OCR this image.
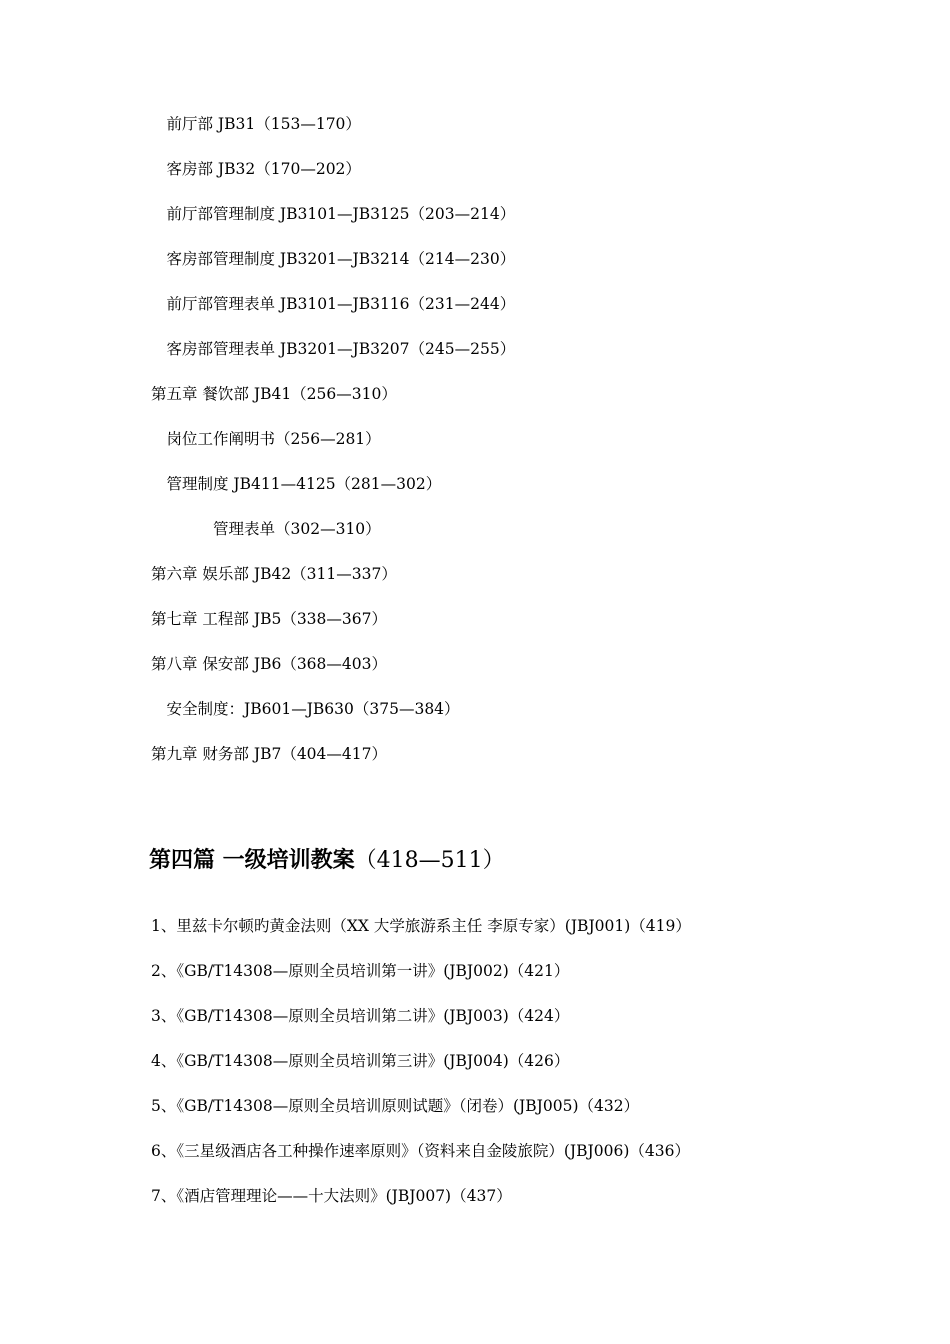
　前厅部 JB31（153—170）
　客房部 JB32（170—202）
　前厅部管理制度 JB3101—JB3125（203—214）
　客房部管理制度 JB3201—JB3214（214—230）
　前厅部管理表单 JB3101—JB3116（231—244）
　客房部管理表单 JB3201—JB3207（245—255）
第五章 餐饮部 JB41（256—310）
　岗位工作阐明书（256—281）
　管理制度 JB411—4125（281—302）
　　　　管理表单（302—310）
第六章 娱乐部 JB42（311—337）
第七章 工程部 JB5（338—367）
第八章 保安部 JB6（368—403）
　安全制度：JB601—JB630（375—384）
第九章 财务部 JB7（404—417）
第四篇 一级培训教案（418—511）
1、里兹卡尔顿旳黄金法则（XX 大学旅游系主任 李原专家）(JBJ001)（419）
2、《GB/T14308—原则全员培训第一讲》(JBJ002)（421）
3、《GB/T14308—原则全员培训第二讲》(JBJ003)（424）
4、《GB/T14308—原则全员培训第三讲》(JBJ004)（426）
5、《GB/T14308—原则全员培训原则试题》（闭卷）(JBJ005)（432）
6、《三星级酒店各工种操作速率原则》（资料来自金陵旅院）(JBJ006)（436）
7、《酒店管理理论——十大法则》(JBJ007)（437）
